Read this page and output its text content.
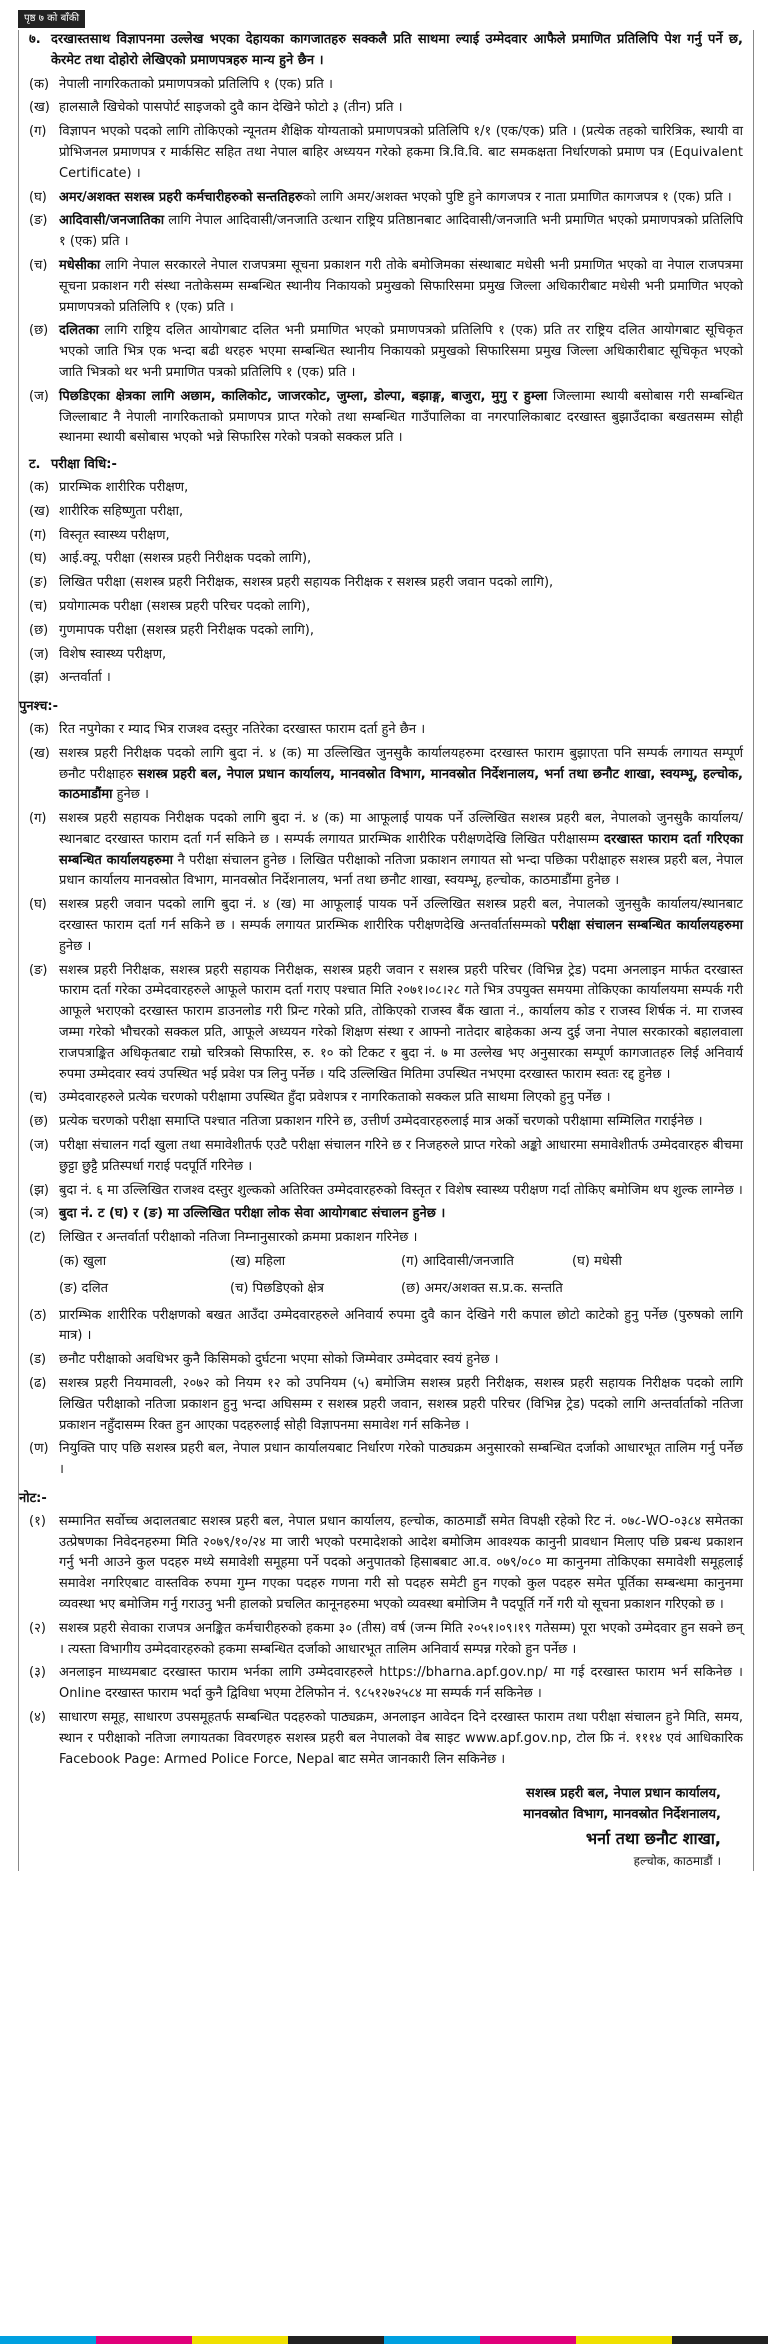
पृष्ठ ७ को बाँकी
७. दरखास्तसाथ विज्ञापनमा उल्लेख भएका देहायका कागजातहरु सक्कलै प्रति साथमा ल्याई उम्मेदवार आफैले प्रमाणित प्रतिलिपि पेश गर्नु पर्ने छ, केरमेट तथा दोहोरो लेखिएको प्रमाणपत्रहरु मान्य हुने छैन ।
(क) नेपाली नागरिकताको प्रमाणपत्रको प्रतिलिपि १ (एक) प्रति ।
(ख) हालसालै खिचेको पासपोर्ट साइजको दुवै कान देखिने फोटो ३ (तीन) प्रति ।
(ग) विज्ञापन भएको पदको लागि तोकिएको न्यूनतम शैक्षिक योग्यताको प्रमाणपत्रको प्रतिलिपि १/१ (एक/एक) प्रति । (प्रत्येक तहको चारित्रिक, स्थायी वा प्रोभिजनल प्रमाणपत्र र मार्कसिट सहित तथा नेपाल बाहिर अध्ययन गरेको हकमा त्रि.वि.वि. बाट समकक्षता निर्धारणको प्रमाण पत्र (Equivalent Certificate) ।
(घ) अमर/अशक्त सशस्त्र प्रहरी कर्मचारीहरुको सन्ततिहरुको लागि अमर/अशक्त भएको पुष्टि हुने कागजपत्र र नाता प्रमाणित कागजपत्र १ (एक) प्रति ।
(ङ) आदिवासी/जनजातिका लागि नेपाल आदिवासी/जनजाति उत्थान राष्ट्रिय प्रतिष्ठानबाट आदिवासी/जनजाति भनी प्रमाणित भएको प्रमाणपत्रको प्रतिलिपि १ (एक) प्रति ।
(च) मधेसीका लागि नेपाल सरकारले नेपाल राजपत्रमा सूचना प्रकाशन गरी तोके बमोजिमका संस्थाबाट मधेसी भनी प्रमाणित भएको वा नेपाल राजपत्रमा सूचना प्रकाशन गरी संस्था नतोकेसम्म सम्बन्धित स्थानीय निकायको प्रमुखको सिफारिसमा प्रमुख जिल्ला अधिकारीबाट मधेसी भनी प्रमाणित भएको प्रमाणपत्रको प्रतिलिपि १ (एक) प्रति ।
(छ) दलितका लागि राष्ट्रिय दलित आयोगबाट दलित भनी प्रमाणित भएको प्रमाणपत्रको प्रतिलिपि १ (एक) प्रति तर राष्ट्रिय दलित आयोगबाट सूचिकृत भएको जाति भित्र एक भन्दा बढी थरहरु भएमा सम्बन्धित स्थानीय निकायको प्रमुखको सिफारिसमा प्रमुख जिल्ला अधिकारीबाट सूचिकृत भएको जाति भित्रको थर भनी प्रमाणित पत्रको प्रतिलिपि १ (एक) प्रति ।
(ज) पिछडिएका क्षेत्रका लागि अछाम, कालिकोट, जाजरकोट, जुम्ला, डोल्पा, बझाङ्ग, बाजुरा, मुगु र हुम्ला जिल्लामा स्थायी बसोबास गरी सम्बन्धित जिल्लाबाट नै नेपाली नागरिकताको प्रमाणपत्र प्राप्त गरेको तथा सम्बन्धित गाउँपालिका वा नगरपालिकाबाट दरखास्त बुझाउँदाका बखतसम्म सोही स्थानमा स्थायी बसोबास भएको भन्ने सिफारिस गरेको पत्रको सक्कल प्रति ।
ट. परीक्षा विधि:-
(क) प्रारम्भिक शारीरिक परीक्षण,
(ख) शारीरिक सहिष्णुता परीक्षा,
(ग) विस्तृत स्वास्थ्य परीक्षण,
(घ) आई.क्यू. परीक्षा (सशस्त्र प्रहरी निरीक्षक पदको लागि),
(ङ) लिखित परीक्षा (सशस्त्र प्रहरी निरीक्षक, सशस्त्र प्रहरी सहायक निरीक्षक र सशस्त्र प्रहरी जवान पदको लागि),
(च) प्रयोगात्मक परीक्षा (सशस्त्र प्रहरी परिचर पदको लागि),
(छ) गुणमापक परीक्षा (सशस्त्र प्रहरी निरीक्षक पदको लागि),
(ज) विशेष स्वास्थ्य परीक्षण,
(झ) अन्तर्वार्ता ।
पुनश्च:-
(क) रित नपुगेका र म्याद भित्र राजश्व दस्तुर नतिरेका दरखास्त फाराम दर्ता हुने छैन ।
(ख) सशस्त्र प्रहरी निरीक्षक पदको लागि बुदा नं. ४ (क) मा उल्लिखित जुनसुकै कार्यालयहरुमा दरखास्त फाराम बुझाएता पनि सम्पर्क लगायत सम्पूर्ण छनौट परीक्षाहरु सशस्त्र प्रहरी बल, नेपाल प्रधान कार्यालय, मानवस्रोत विभाग, मानवस्रोत निर्देशनालय, भर्ना तथा छनौट शाखा, स्वयम्भू, हल्चोक, काठमाडौंमा हुनेछ ।
(ग) सशस्त्र प्रहरी सहायक निरीक्षक पदको लागि बुदा नं. ४ (क) मा आफूलाई पायक पर्ने उल्लिखित सशस्त्र प्रहरी बल, नेपालको जुनसुकै कार्यालय/स्थानबाट दरखास्त फाराम दर्ता गर्न सकिने छ । सम्पर्क लगायत प्रारम्भिक शारीरिक परीक्षणदेखि लिखित परीक्षासम्म दरखास्त फाराम दर्ता गरिएका सम्बन्धित कार्यालयहरुमा नै परीक्षा संचालन हुनेछ । लिखित परीक्षाको नतिजा प्रकाशन लगायत सो भन्दा पछिका परीक्षाहरु सशस्त्र प्रहरी बल, नेपाल प्रधान कार्यालय मानवस्रोत विभाग, मानवस्रोत निर्देशनालय, भर्ना तथा छनौट शाखा, स्वयम्भू, हल्चोक, काठमाडौंमा हुनेछ ।
(घ) सशस्त्र प्रहरी जवान पदको लागि बुदा नं. ४ (ख) मा आफूलाई पायक पर्ने उल्लिखित सशस्त्र प्रहरी बल, नेपालको जुनसुकै कार्यालय/स्थानबाट दरखास्त फाराम दर्ता गर्न सकिने छ । सम्पर्क लगायत प्रारम्भिक शारीरिक परीक्षणदेखि अन्तर्वार्तासम्मको परीक्षा संचालन सम्बन्धित कार्यालयहरुमा हुनेछ ।
(ङ) सशस्त्र प्रहरी निरीक्षक, सशस्त्र प्रहरी सहायक निरीक्षक, सशस्त्र प्रहरी जवान र सशस्त्र प्रहरी परिचर (विभिन्न ट्रेड) पदमा अनलाइन मार्फत दरखास्त फाराम दर्ता गरेका उम्मेदवारहरुले आफूले फाराम दर्ता गराए पश्चात मिति २०७१।०८।२८ गते भित्र उपयुक्त समयमा तोकिएका कार्यालयमा सम्पर्क गरी आफूले भराएको दरखास्त फाराम डाउनलोड गरी प्रिन्ट गरेको प्रति, तोकिएको राजस्व बैंक खाता नं., कार्यालय कोड र राजस्व शिर्षक नं. मा राजस्व जम्मा गरेको भौचरको सक्कल प्रति, आफूले अध्ययन गरेको शिक्षण संस्था र आफ्नो नातेदार बाहेकका अन्य दुई जना नेपाल सरकारको बहालवाला राजपत्राङ्कित अधिकृतबाट राम्रो चरित्रको सिफारिस, रु. १० को टिकट र बुदा नं. ७ मा उल्लेख भए अनुसारका सम्पूर्ण कागजातहरु लिई अनिवार्य रुपमा उम्मेदवार स्वयं उपस्थित भई प्रवेश पत्र लिनु पर्नेछ । यदि उल्लिखित मितिमा उपस्थित नभएमा दरखास्त फाराम स्वतः रद्द हुनेछ ।
(च) उम्मेदवारहरुले प्रत्येक चरणको परीक्षामा उपस्थित हुँदा प्रवेशपत्र र नागरिकताको सक्कल प्रति साथमा लिएको हुनु पर्नेछ ।
(छ) प्रत्येक चरणको परीक्षा समाप्ति पश्चात नतिजा प्रकाशन गरिने छ, उत्तीर्ण उम्मेदवारहरुलाई मात्र अर्को चरणको परीक्षामा सम्मिलित गराईनेछ ।
(ज) परीक्षा संचालन गर्दा खुला तथा समावेशीतर्फ एउटै परीक्षा संचालन गरिने छ र निजहरुले प्राप्त गरेको अङ्को आधारमा समावेशीतर्फ उम्मेदवारहरु बीचमा छुट्टा छुट्टै प्रतिस्पर्धा गराई पदपूर्ति गरिनेछ ।
(झ) बुदा नं. ६ मा उल्लिखित राजश्व दस्तुर शुल्कको अतिरिक्त उम्मेदवारहरुको विस्तृत र विशेष स्वास्थ्य परीक्षण गर्दा तोकिए बमोजिम थप शुल्क लाग्नेछ ।
(ञ) बुदा नं. ट (घ) र (ङ) मा उल्लिखित परीक्षा लोक सेवा आयोगबाट संचालन हुनेछ ।
(ट)	लिखित र अन्तर्वार्ता परीक्षाको नतिजा निम्नानुसारको क्रममा प्रकाशन गरिनेछ ।
(क) खुला	(ख) महिला	(ग) आदिवासी/जनजाति	(घ) मधेसी
(ङ) दलित	(च) पिछडिएको क्षेत्र	(छ) अमर/अशक्त स.प्र.क. सन्तति
(ठ) प्रारम्भिक शारीरिक परीक्षणको बखत आउँदा उम्मेदवारहरुले अनिवार्य रुपमा दुवै कान देखिने गरी कपाल छोटो काटेको हुनु पर्नेछ (पुरुषको लागि मात्र) ।
(ड) छनौट परीक्षाको अवधिभर कुनै किसिमको दुर्घटना भएमा सोको जिम्मेवार उम्मेदवार स्वयं हुनेछ ।
(ढ) सशस्त्र प्रहरी नियमावली, २०७२ को नियम १२ को उपनियम (५) बमोजिम सशस्त्र प्रहरी निरीक्षक, सशस्त्र प्रहरी सहायक निरीक्षक पदको लागि लिखित परीक्षाको नतिजा प्रकाशन हुनु भन्दा अघिसम्म र सशस्त्र प्रहरी जवान, सशस्त्र प्रहरी परिचर (विभिन्न ट्रेड) पदको लागि अन्तर्वार्ताको नतिजा प्रकाशन नहुँदासम्म रिक्त हुन आएका पदहरुलाई सोही विज्ञापनमा समावेश गर्न सकिनेछ ।
(ण) नियुक्ति पाए पछि सशस्त्र प्रहरी बल, नेपाल प्रधान कार्यालयबाट निर्धारण गरेको पाठ्यक्रम अनुसारको सम्बन्धित दर्जाको आधारभूत तालिम गर्नु पर्नेछ ।
नोट:-
(१)	सम्मानित सर्वोच्च अदालतबाट सशस्त्र प्रहरी बल, नेपाल प्रधान कार्यालय, हल्चोक, काठमाडौं समेत विपक्षी रहेको रिट नं. ०७८-WO-०३८४ समेतका उत्प्रेषणका निवेदनहरुमा मिति २०७९/१०/२४ मा जारी भएको परमादेशको आदेश बमोजिम आवश्यक कानुनी प्रावधान मिलाए पछि प्रबन्ध प्रकाशन गर्नु भनी आउने कुल पदहरु मध्ये समावेशी समूहमा पर्ने पदको अनुपातको हिसाबबाट आ.व. ०७९/०८० मा कानुनमा तोकिएका समावेशी समूहलाई समावेश नगरिएबाट वास्तविक रुपमा गुम्न गएका पदहरु गणना गरी सो पदहरु समेटी हुन गएको कुल पदहरु समेत पूर्तिका सम्बन्धमा कानुनमा व्यवस्था भए बमोजिम गर्नु गराउनु भनी हालको प्रचलित कानूनहरुमा भएको व्यवस्था बमोजिम नै पदपूर्ति गर्ने गरी यो सूचना प्रकाशन गरिएको छ ।
(२)	सशस्त्र प्रहरी सेवाका राजपत्र अनङ्कित कर्मचारीहरुको हकमा ३० (तीस) वर्ष (जन्म मिति २०५१।०९।१९ गतेसम्म) पूरा भएको उम्मेदवार हुन सक्ने छन् । त्यस्ता विभागीय उम्मेदवारहरुको हकमा सम्बन्धित दर्जाको आधारभूत तालिम अनिवार्य सम्पन्न गरेको हुन पर्नेछ ।
(३)	अनलाइन माध्यमबाट दरखास्त फाराम भर्नका लागि उम्मेदवारहरुले https://bharna.apf.gov.np/ मा गई दरखास्त फाराम भर्न सकिनेछ । Online दरखास्त फाराम भर्दा कुनै द्विविधा भएमा टेलिफोन नं. ९८५१२७२५८४ मा सम्पर्क गर्न सकिनेछ ।
(४)	साधारण समूह, साधारण उपसमूहतर्फ सम्बन्धित पदहरुको पाठ्यक्रम, अनलाइन आवेदन दिने दरखास्त फाराम तथा परीक्षा संचालन हुने मिति, समय, स्थान र परीक्षाको नतिजा लगायतका विवरणहरु सशस्त्र प्रहरी बल नेपालको वेब साइट www.apf.gov.np, टोल फ्रि नं. १११४ एवं आधिकारिक Facebook Page: Armed Police Force, Nepal बाट समेत जानकारी लिन सकिनेछ ।
सशस्त्र प्रहरी बल, नेपाल प्रधान कार्यालय,
मानवस्रोत विभाग, मानवस्रोत निर्देशनालय,
भर्ना तथा छनौट शाखा,
हल्चोक, काठमाडौं ।
